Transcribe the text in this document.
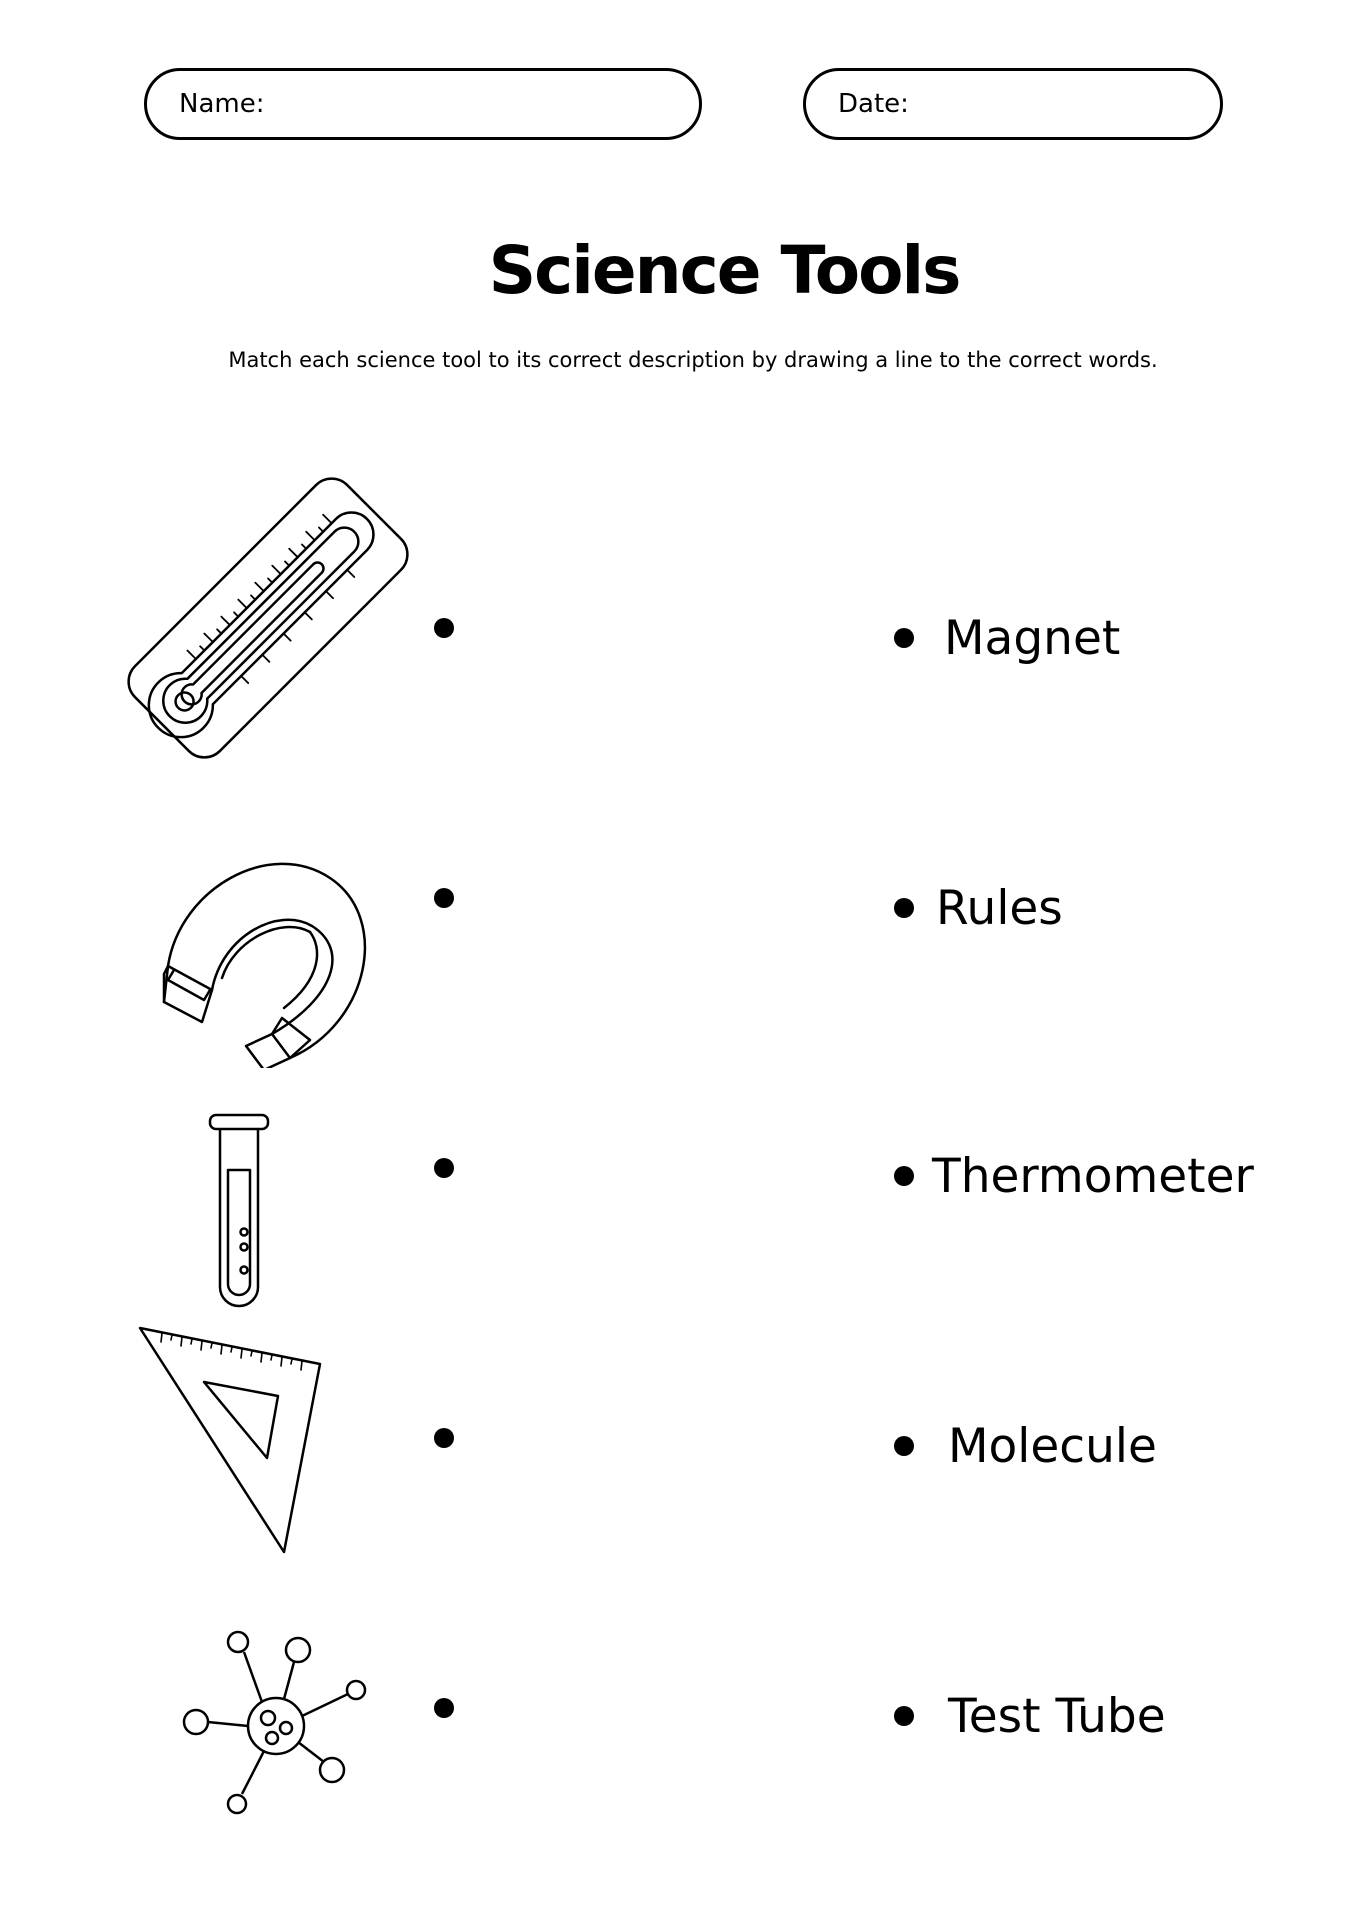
Name:	Date:
Science Tools
Match each science tool to its correct description by drawing a line to the correct words.
Magnet
Rules
Thermometer
Molecule
Test Tube
